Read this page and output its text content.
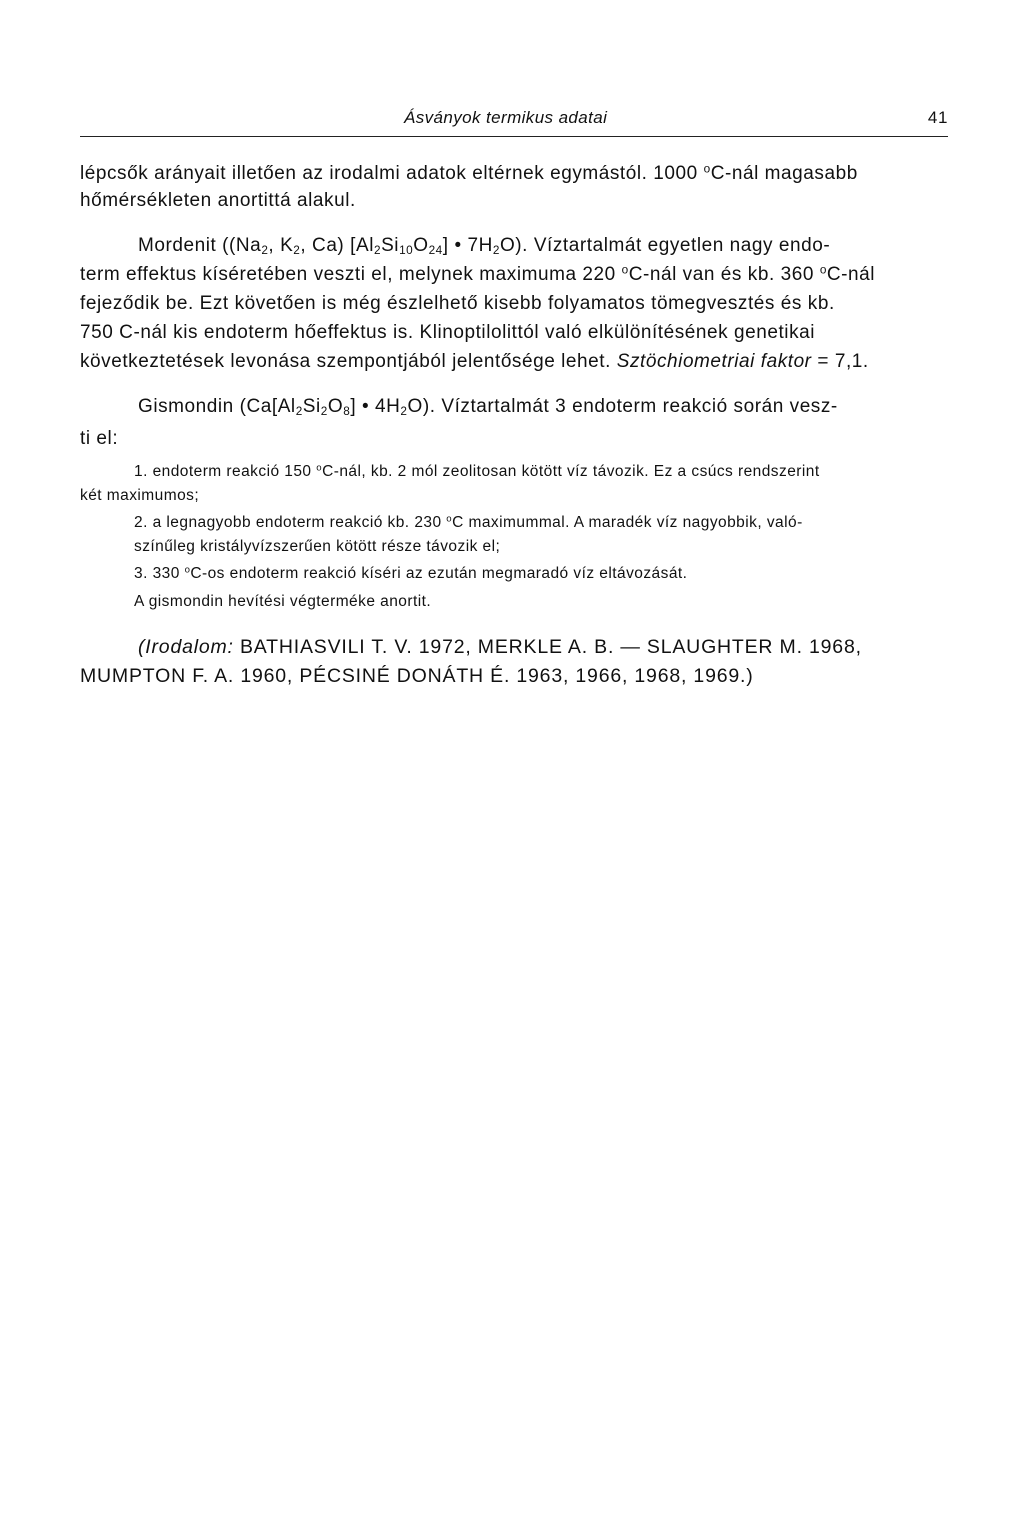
Ásványok termikus adatai	41
lépcsők arányait illetően az irodalmi adatok eltérnek egymástól. 1000 $^o$C-nál magasabb
hőmérsékleten anortittá alakul.
Mordenit (($Na_2$, $K_2$, Ca) $[Al_2Si_{10}O_{24}]$ • $7H_2O$). Víztartalmát egyetlen nagy endo-
term effektus kíséretében veszti el, melynek maximuma 220 $^o$C-nál van és kb. 360 $^o$C-nál
fejeződik be. Ezt követően is még észlelhető kisebb folyamatos tömegvesztés és kb.
750 C-nál kis endoterm hőeffektus is. Klinoptilolittól való elkülönítésének genetikai
következtetések levonása szempontjából jelentősége lehet. Sztöchiometriai faktor = 7,1.
Gismondin ($Ca[Al_2Si_2O_8]$ • $4H_2O$). Víztartalmát 3 endoterm reakció során vesz-
ti el:
1. endoterm reakció 150 $^o$C-nál, kb. 2 mól zeolitosan kötött víz távozik. Ez a csúcs rendszerint
két maximumos;
2. a legnagyobb endoterm reakció kb. 230 $^o$C maximummal. A maradék víz nagyobbik, való-
színűleg kristályvízszerűen kötött része távozik el;
3. 330 $^o$C-os endoterm reakció kíséri az ezután megmaradó víz eltávozását.
A gismondin hevítési végterméke anortit.
(Irodalom: BATHIASVILI T. V. 1972, MERKLE A. B. — SLAUGHTER M. 1968,
MUMPTON F. A. 1960, PÉCSINÉ DONÁTH É. 1963, 1966, 1968, 1969.)
